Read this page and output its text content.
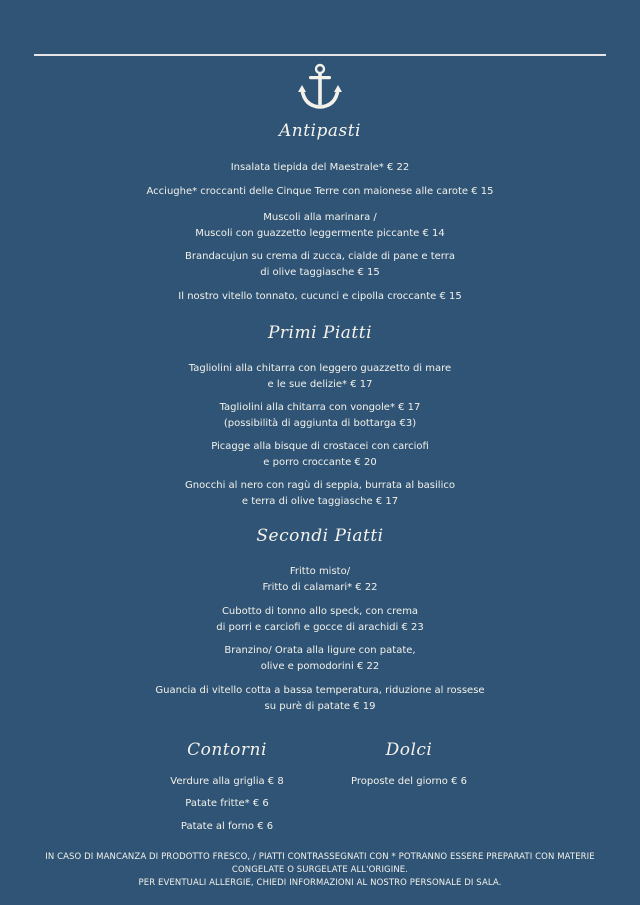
Antipasti
Insalata tiepida del Maestrale* € 22
Acciughe* croccanti delle Cinque Terre con maionese alle carote € 15
Muscoli alla marinara /
Muscoli con guazzetto leggermente piccante € 14
Brandacujun su crema di zucca, cialde di pane e terra
di olive taggiasche € 15
Il nostro vitello tonnato, cucunci e cipolla croccante € 15
Primi Piatti
Tagliolini alla chitarra con leggero guazzetto di mare
e le sue delizie* € 17
Tagliolini alla chitarra con vongole* € 17
(possibilità di aggiunta di bottarga €3)
Picagge alla bisque di crostacei con carciofi
e porro croccante € 20
Gnocchi al nero con ragù di seppia, burrata al basilico
e terra di olive taggiasche € 17
Secondi Piatti
Fritto misto/
Fritto di calamari* € 22
Cubotto di tonno allo speck, con crema
di porri e carciofi e gocce di arachidi € 23
Branzino/ Orata alla ligure con patate,
olive e pomodorini € 22
Guancia di vitello cotta a bassa temperatura, riduzione al rossese
su purè di patate € 19
Contorni
Verdure alla griglia € 8
Patate fritte* € 6
Patate al forno € 6
Dolci
Proposte del giorno € 6
IN CASO DI MANCANZA DI PRODOTTO FRESCO, / PIATTI CONTRASSEGNATI CON * POTRANNO ESSERE PREPARATI CON MATERIE
CONGELATE O SURGELATE ALL'ORIGINE.
PER EVENTUALI ALLERGIE, CHIEDI INFORMAZIONI AL NOSTRO PERSONALE DI SALA.
